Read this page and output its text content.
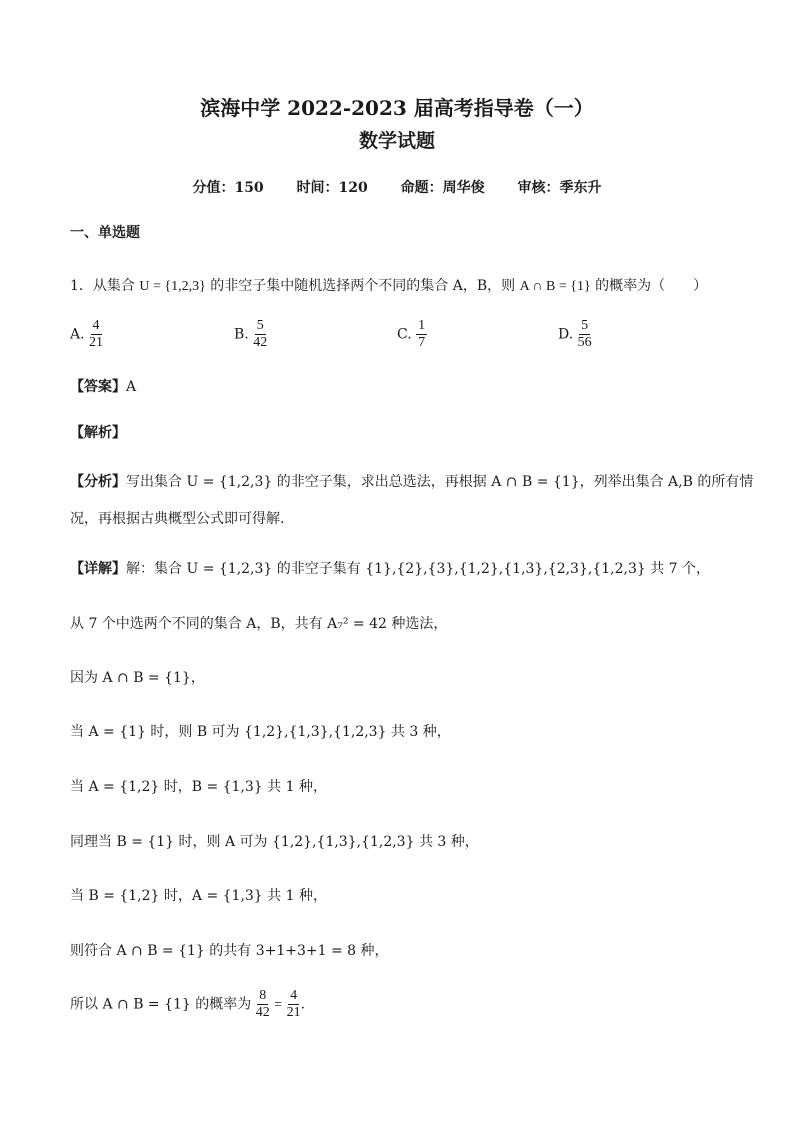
滨海中学 2022-2023 届高考指导卷（一）
数学试题
分值：150 时间：120 命题：周华俊 审核：季东升
一、单选题
1．从集合 U = {1,2,3} 的非空子集中随机选择两个不同的集合 A，B，则 A ∩ B = {1} 的概率为（　　）
A. $\frac{4}{21}$	B. $\frac{5}{42}$	C. $\frac{1}{7}$	D. $\frac{5}{56}$
【答案】A
【解析】
【分析】写出集合 U = {1,2,3} 的非空子集，求出总选法，再根据 A ∩ B = {1}，列举出集合 A,B 的所有情
况，再根据古典概型公式即可得解.
【详解】解：集合 U = {1,2,3} 的非空子集有 {1},{2},{3},{1,2},{1,3},{2,3},{1,2,3} 共 7 个，
从 7 个中选两个不同的集合 A，B，共有 A₇² = 42 种选法，
因为 A ∩ B = {1}，
当 A = {1} 时，则 B 可为 {1,2},{1,3},{1,2,3} 共 3 种，
当 A = {1,2} 时，B = {1,3} 共 1 种，
同理当 B = {1} 时，则 A 可为 {1,2},{1,3},{1,2,3} 共 3 种，
当 B = {1,2} 时，A = {1,3} 共 1 种，
则符合 A ∩ B = {1} 的共有 3+1+3+1 = 8 种，
所以 A ∩ B = {1} 的概率为 $\frac{8}{42} = \frac{4}{21}$ .
